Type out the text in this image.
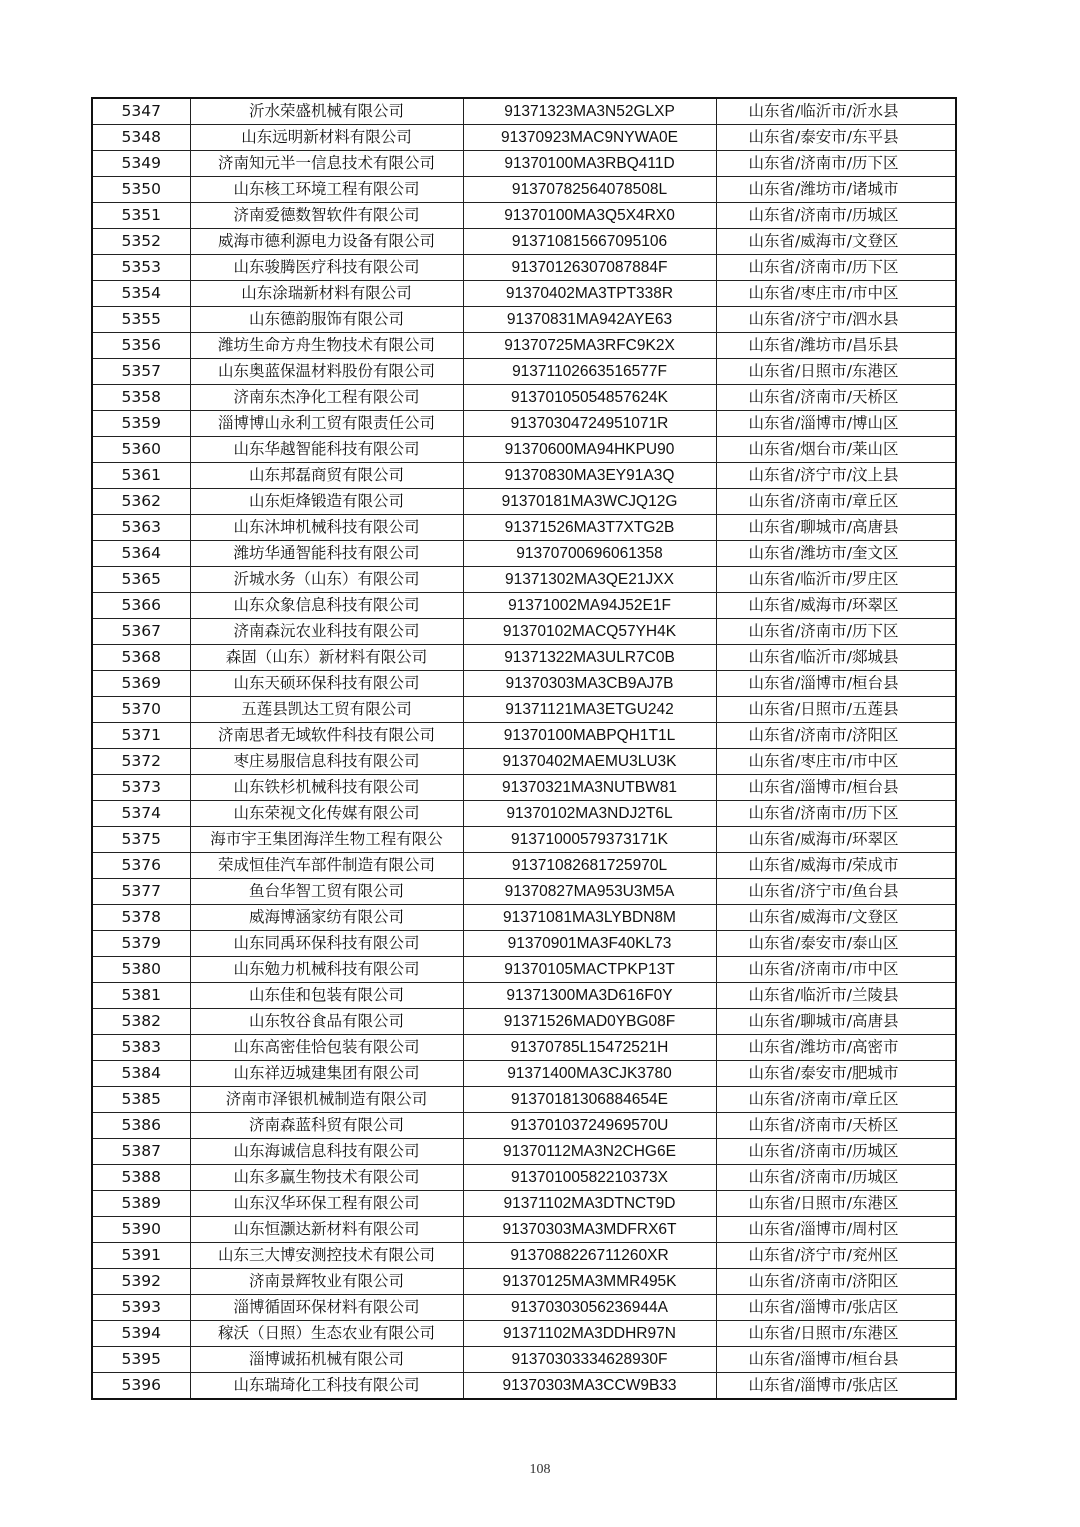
5347	沂水荣盛机械有限公司	91371323MA3N52GLXP	山东省/临沂市/沂水县
5348	山东远明新材料有限公司	91370923MAC9NYWA0E	山东省/泰安市/东平县
5349	济南知元半一信息技术有限公司	91370100MA3RBQ411D	山东省/济南市/历下区
5350	山东核工环境工程有限公司	91370782564078508L	山东省/潍坊市/诸城市
5351	济南爱德数智软件有限公司	91370100MA3Q5X4RX0	山东省/济南市/历城区
5352	威海市德利源电力设备有限公司	913710815667095106	山东省/威海市/文登区
5353	山东骏腾医疗科技有限公司	91370126307087884F	山东省/济南市/历下区
5354	山东涂瑞新材料有限公司	91370402MA3TPT338R	山东省/枣庄市/市中区
5355	山东德韵服饰有限公司	91370831MA942AYE63	山东省/济宁市/泗水县
5356	潍坊生命方舟生物技术有限公司	91370725MA3RFC9K2X	山东省/潍坊市/昌乐县
5357	山东奥蓝保温材料股份有限公司	91371102663516577F	山东省/日照市/东港区
5358	济南东杰净化工程有限公司	91370105054857624K	山东省/济南市/天桥区
5359	淄博博山永利工贸有限责任公司	91370304724951071R	山东省/淄博市/博山区
5360	山东华越智能科技有限公司	91370600MA94HKPU90	山东省/烟台市/莱山区
5361	山东邦磊商贸有限公司	91370830MA3EY91A3Q	山东省/济宁市/汶上县
5362	山东炬烽锻造有限公司	91370181MA3WCJQ12G	山东省/济南市/章丘区
5363	山东沐坤机械科技有限公司	91371526MA3T7XTG2B	山东省/聊城市/高唐县
5364	潍坊华通智能科技有限公司	91370700696061358	山东省/潍坊市/奎文区
5365	沂城水务（山东）有限公司	91371302MA3QE21JXX	山东省/临沂市/罗庄区
5366	山东众象信息科技有限公司	91371002MA94J52E1F	山东省/威海市/环翠区
5367	济南森沅农业科技有限公司	91370102MACQ57YH4K	山东省/济南市/历下区
5368	森固（山东）新材料有限公司	91371322MA3ULR7C0B	山东省/临沂市/郯城县
5369	山东天硕环保科技有限公司	91370303MA3CB9AJ7B	山东省/淄博市/桓台县
5370	五莲县凯达工贸有限公司	91371121MA3ETGU242	山东省/日照市/五莲县
5371	济南思者无域软件科技有限公司	91370100MABPQH1T1L	山东省/济南市/济阳区
5372	枣庄易服信息科技有限公司	91370402MAEMU3LU3K	山东省/枣庄市/市中区
5373	山东铁杉机械科技有限公司	91370321MA3NUTBW81	山东省/淄博市/桓台县
5374	山东荣视文化传媒有限公司	91370102MA3NDJ2T6L	山东省/济南市/历下区
5375	海市宇王集团海洋生物工程有限公	91371000579373171K	山东省/威海市/环翠区
5376	荣成恒佳汽车部件制造有限公司	91371082681725970L	山东省/威海市/荣成市
5377	鱼台华智工贸有限公司	91370827MA953U3M5A	山东省/济宁市/鱼台县
5378	威海博涵家纺有限公司	91371081MA3LYBDN8M	山东省/威海市/文登区
5379	山东同禹环保科技有限公司	91370901MA3F40KL73	山东省/泰安市/泰山区
5380	山东勉力机械科技有限公司	91370105MACTPKP13T	山东省/济南市/市中区
5381	山东佳和包装有限公司	91371300MA3D616F0Y	山东省/临沂市/兰陵县
5382	山东牧谷食品有限公司	91371526MAD0YBG08F	山东省/聊城市/高唐县
5383	山东高密佳恰包装有限公司	91370785L15472521H	山东省/潍坊市/高密市
5384	山东祥迈城建集团有限公司	91371400MA3CJK3780	山东省/泰安市/肥城市
5385	济南市泽银机械制造有限公司	91370181306884654E	山东省/济南市/章丘区
5386	济南森蓝科贸有限公司	91370103724969570U	山东省/济南市/天桥区
5387	山东海诚信息科技有限公司	91370112MA3N2CHG6E	山东省/济南市/历城区
5388	山东多赢生物技术有限公司	91370100582210373X	山东省/济南市/历城区
5389	山东汉华环保工程有限公司	91371102MA3DTNCT9D	山东省/日照市/东港区
5390	山东恒灏达新材料有限公司	91370303MA3MDFRX6T	山东省/淄博市/周村区
5391	山东三大博安测控技术有限公司	9137088226711260XR	山东省/济宁市/兖州区
5392	济南景辉牧业有限公司	91370125MA3MMR495K	山东省/济南市/济阳区
5393	淄博循固环保材料有限公司	91370303056236944A	山东省/淄博市/张店区
5394	稼沃（日照）生态农业有限公司	91371102MA3DDHR97N	山东省/日照市/东港区
5395	淄博诚拓机械有限公司	91370303334628930F	山东省/淄博市/桓台县
5396	山东瑞琦化工科技有限公司	91370303MA3CCW9B33	山东省/淄博市/张店区
108
